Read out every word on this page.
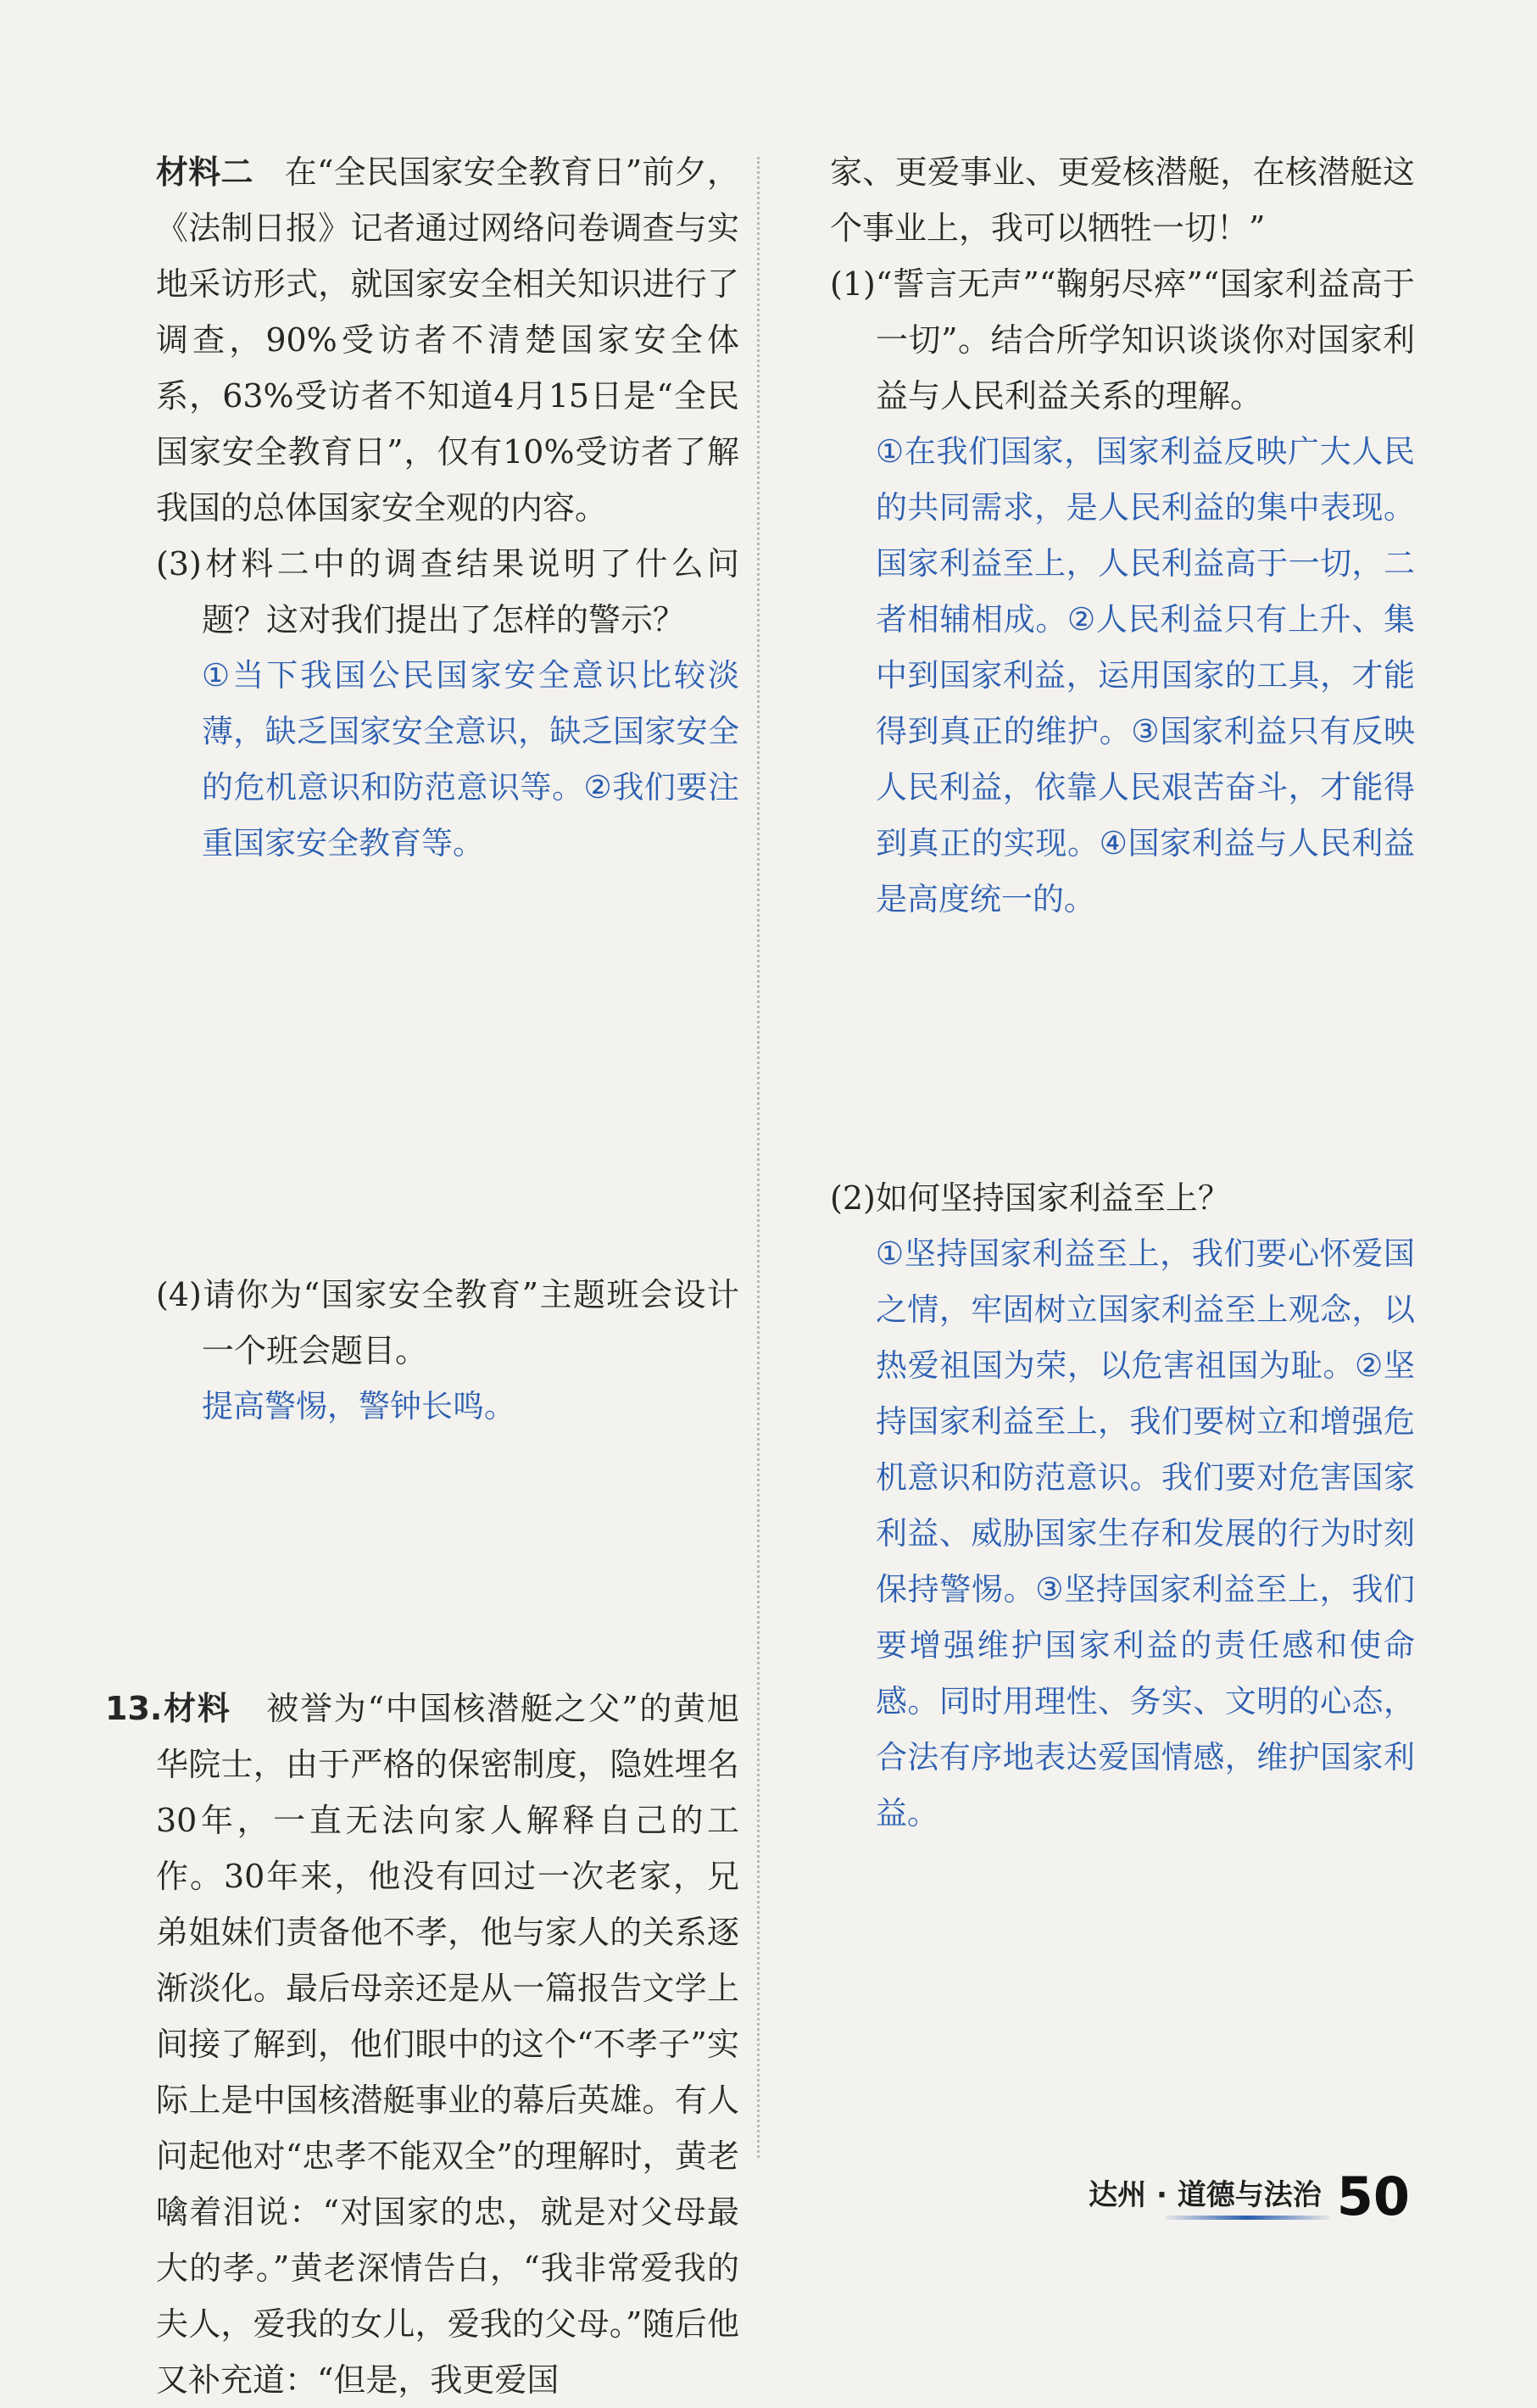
材料二 在“全民国家安全教育日”前夕，《法制日报》记者通过网络问卷调查与实地采访形式，就国家安全相关知识进行了调查，90%受访者不清楚国家安全体系，63%受访者不知道4月15日是“全民国家安全教育日”，仅有10%受访者了解我国的总体国家安全观的内容。

(3)材料二中的调查结果说明了什么问题？这对我们提出了怎样的警示？

①当下我国公民国家安全意识比较淡薄，缺乏国家安全意识，缺乏国家安全的危机意识和防范意识等。②我们要注重国家安全教育等。

(4)请你为“国家安全教育”主题班会设计一个班会题目。

提高警惕，警钟长鸣。

13.材料 被誉为“中国核潜艇之父”的黄旭华院士，由于严格的保密制度，隐姓埋名30年，一直无法向家人解释自己的工作。30年来，他没有回过一次老家，兄弟姐妹们责备他不孝，他与家人的关系逐渐淡化。最后母亲还是从一篇报告文学上间接了解到，他们眼中的这个“不孝子”实际上是中国核潜艇事业的幕后英雄。有人问起他对“忠孝不能双全”的理解时，黄老噙着泪说：“对国家的忠，就是对父母最大的孝。”黄老深情告白，“我非常爱我的夫人，爱我的女儿，爱我的父母。”随后他又补充道：“但是，我更爱国

家、更爱事业、更爱核潜艇，在核潜艇这个事业上，我可以牺牲一切！”

(1)“誓言无声”“鞠躬尽瘁”“国家利益高于一切”。结合所学知识谈谈你对国家利益与人民利益关系的理解。

①在我们国家，国家利益反映广大人民的共同需求，是人民利益的集中表现。国家利益至上，人民利益高于一切，二者相辅相成。②人民利益只有上升、集中到国家利益，运用国家的工具，才能得到真正的维护。③国家利益只有反映人民利益，依靠人民艰苦奋斗，才能得到真正的实现。④国家利益与人民利益是高度统一的。

(2)如何坚持国家利益至上？

①坚持国家利益至上，我们要心怀爱国之情，牢固树立国家利益至上观念，以热爱祖国为荣，以危害祖国为耻。②坚持国家利益至上，我们要树立和增强危机意识和防范意识。我们要对危害国家利益、威胁国家生存和发展的行为时刻保持警惕。③坚持国家利益至上，我们要增强维护国家利益的责任感和使命感。同时用理性、务实、文明的心态，合法有序地表达爱国情感，维护国家利益。

达州 · 道德与法治 50
